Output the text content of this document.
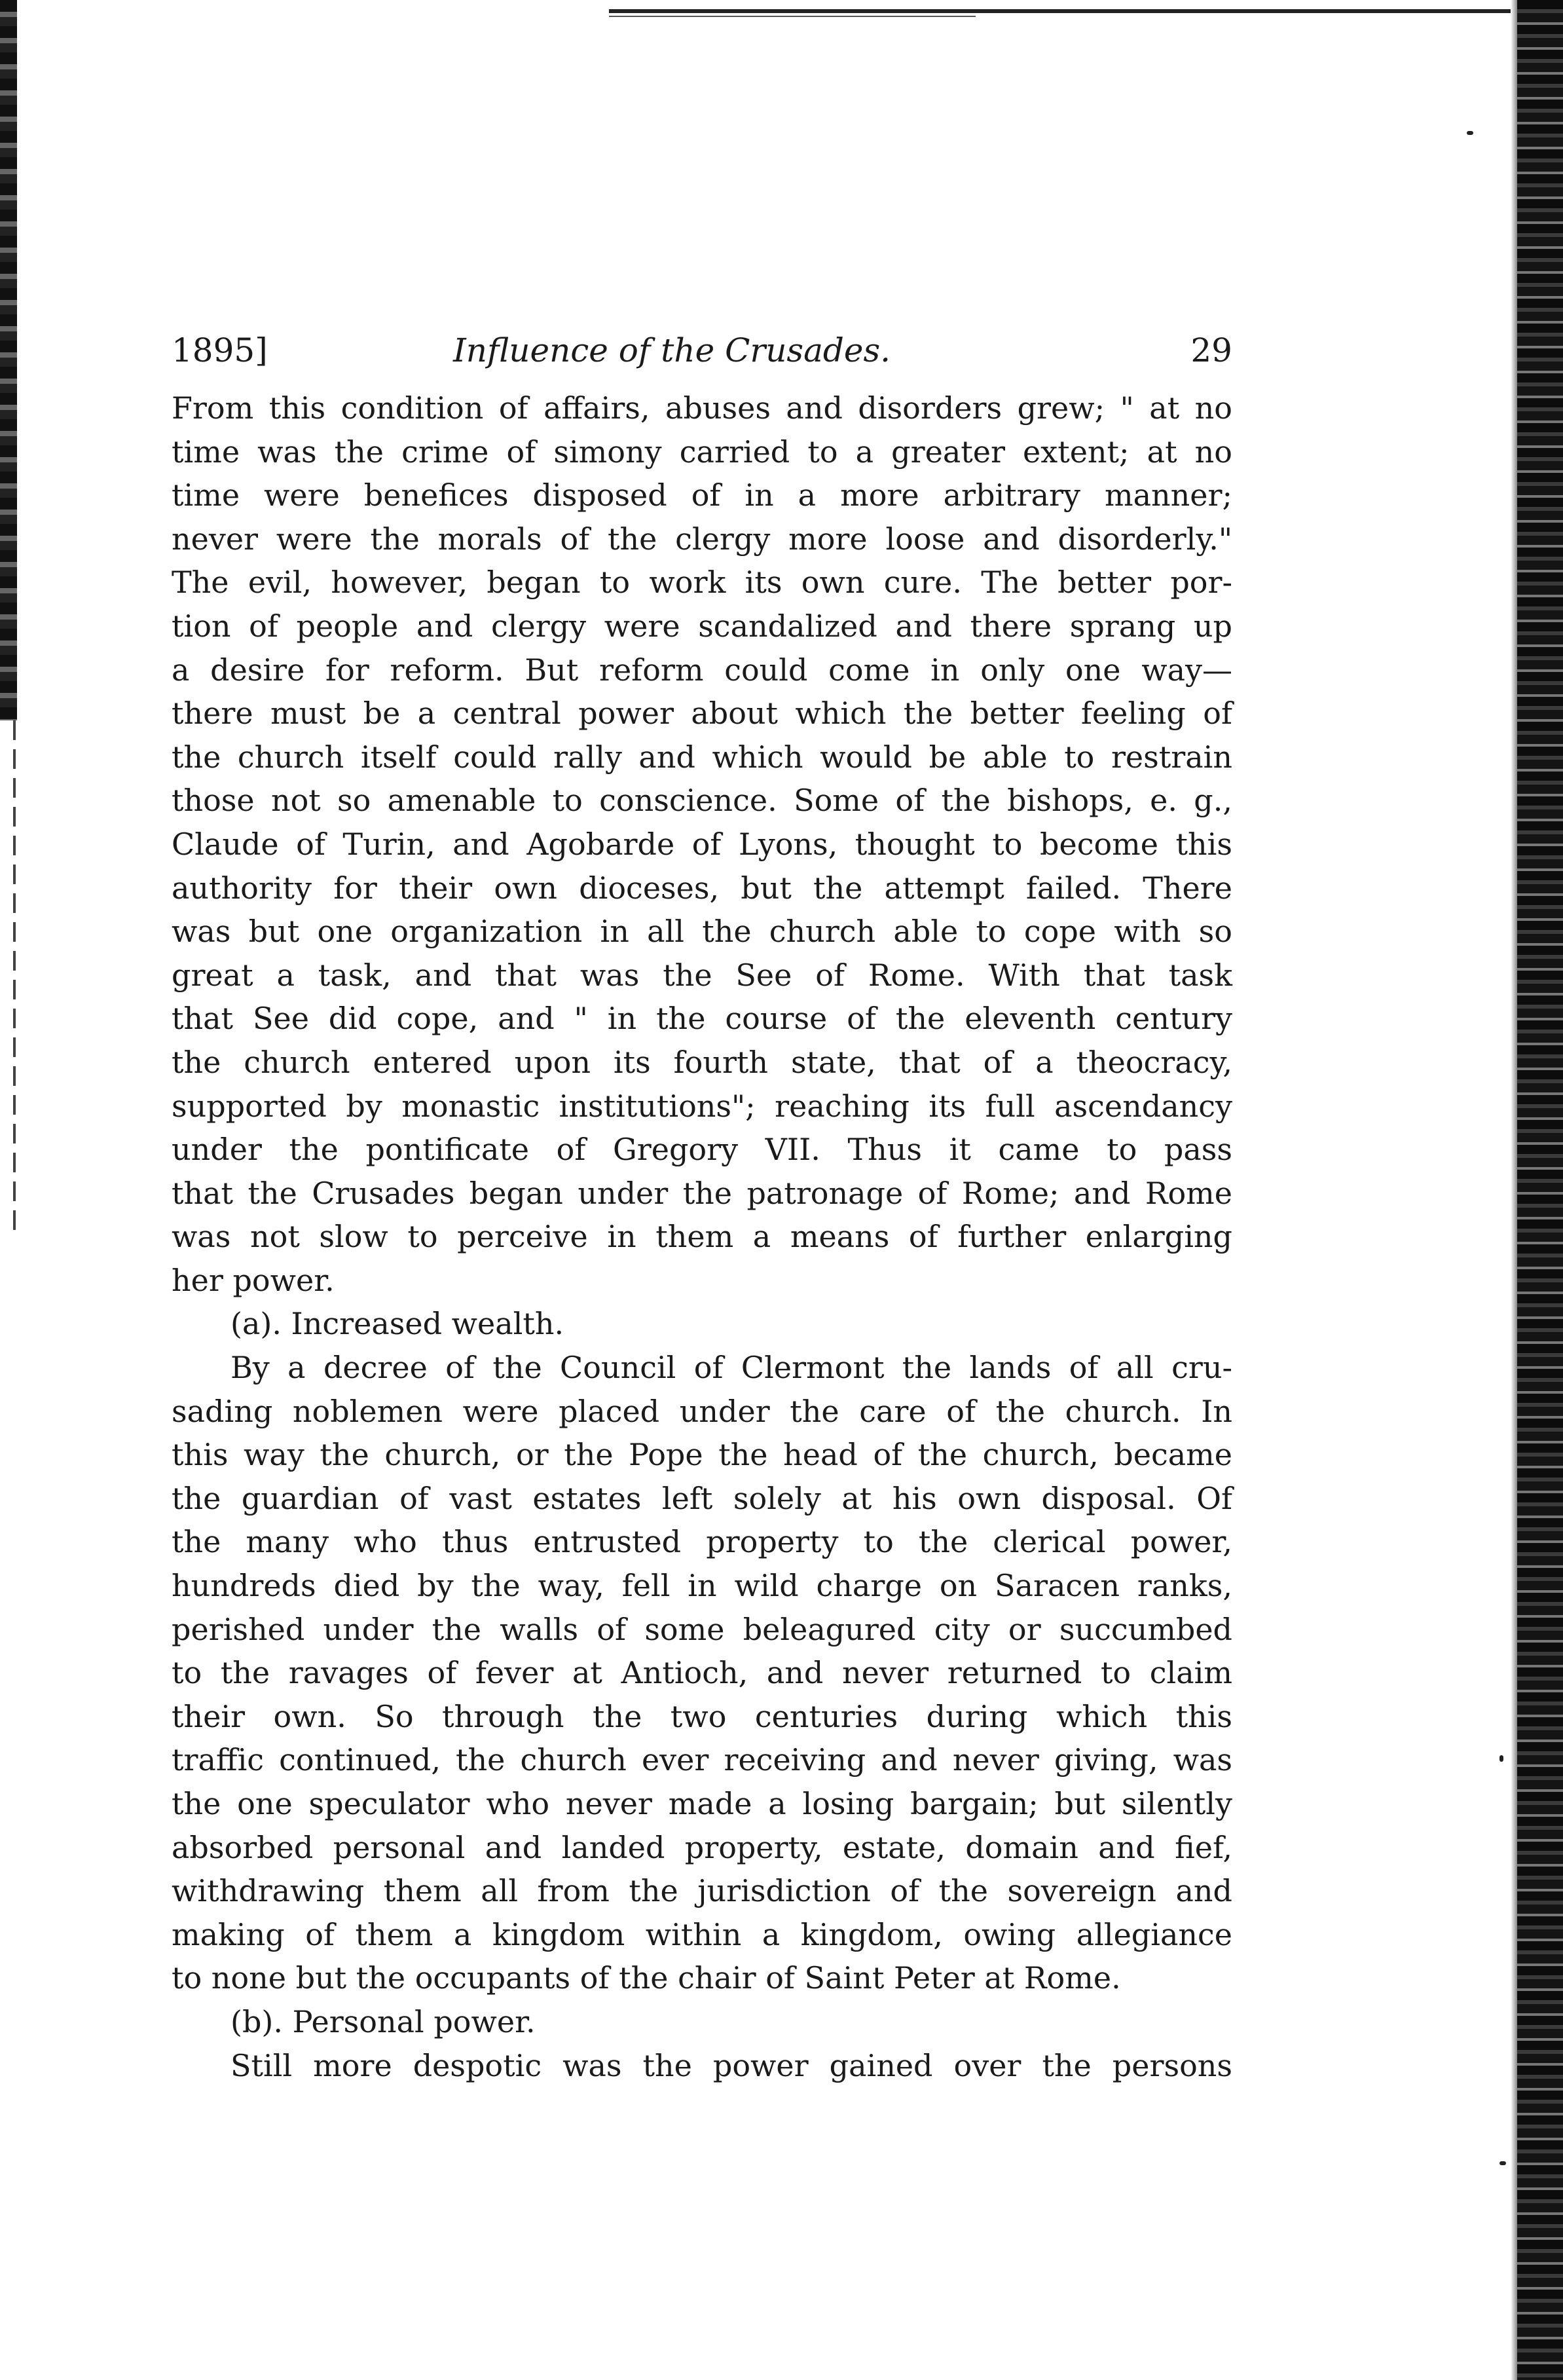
1895]	Influence of the Crusades.	29
From this condition of affairs, abuses and disorders grew; " at no
time was the crime of simony carried to a greater extent; at no
time were benefices disposed of in a more arbitrary manner;
never were the morals of the clergy more loose and disorderly."
The evil, however, began to work its own cure. The better por-
tion of people and clergy were scandalized and there sprang up
a desire for reform. But reform could come in only one way—
there must be a central power about which the better feeling of
the church itself could rally and which would be able to restrain
those not so amenable to conscience. Some of the bishops, e. g.,
Claude of Turin, and Agobarde of Lyons, thought to become this
authority for their own dioceses, but the attempt failed. There
was but one organization in all the church able to cope with so
great a task, and that was the See of Rome. With that task
that See did cope, and " in the course of the eleventh century
the church entered upon its fourth state, that of a theocracy,
supported by monastic institutions"; reaching its full ascendancy
under the pontificate of Gregory VII. Thus it came to pass
that the Crusades began under the patronage of Rome; and Rome
was not slow to perceive in them a means of further enlarging
her power.
(a). Increased wealth.
By a decree of the Council of Clermont the lands of all cru-
sading noblemen were placed under the care of the church. In
this way the church, or the Pope the head of the church, became
the guardian of vast estates left solely at his own disposal. Of
the many who thus entrusted property to the clerical power,
hundreds died by the way, fell in wild charge on Saracen ranks,
perished under the walls of some beleagured city or succumbed
to the ravages of fever at Antioch, and never returned to claim
their own. So through the two centuries during which this
traffic continued, the church ever receiving and never giving, was
the one speculator who never made a losing bargain; but silently
absorbed personal and landed property, estate, domain and fief,
withdrawing them all from the jurisdiction of the sovereign and
making of them a kingdom within a kingdom, owing allegiance
to none but the occupants of the chair of Saint Peter at Rome.
(b). Personal power.
Still more despotic was the power gained over the persons
